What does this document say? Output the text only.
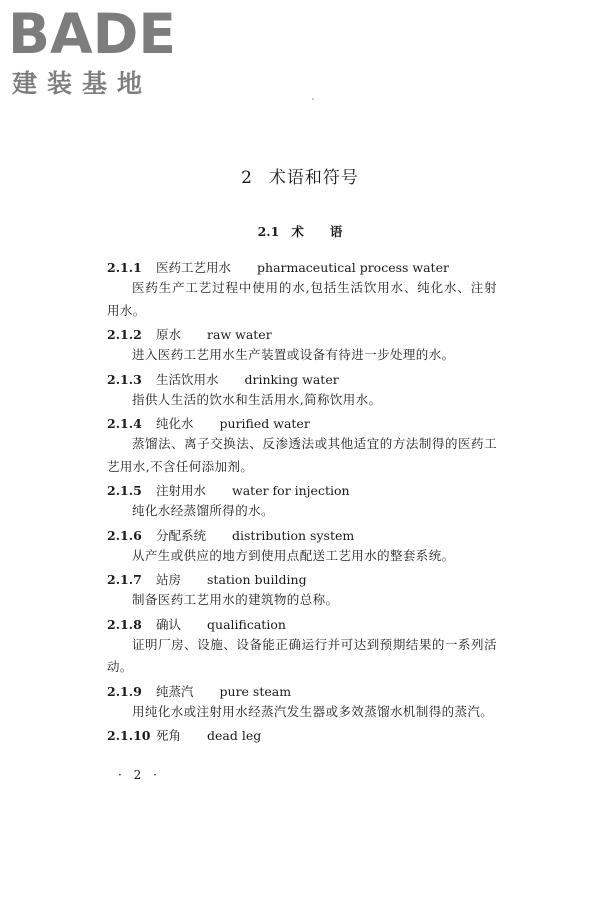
BADE
建装基地
2 术语和符号
2.1 术语
2.1.1 医药工艺用水 pharmaceutical process water
医药生产工艺过程中使用的水,包括生活饮用水、纯化水、注射用水。
2.1.2 原水 raw water
进入医药工艺用水生产装置或设备有待进一步处理的水。
2.1.3 生活饮用水 drinking water
指供人生活的饮水和生活用水,简称饮用水。
2.1.4 纯化水 purified water
蒸馏法、离子交换法、反渗透法或其他适宜的方法制得的医药工艺用水,不含任何添加剂。
2.1.5 注射用水 water for injection
纯化水经蒸馏所得的水。
2.1.6 分配系统 distribution system
从产生或供应的地方到使用点配送工艺用水的整套系统。
2.1.7 站房 station building
制备医药工艺用水的建筑物的总称。
2.1.8 确认 qualification
证明厂房、设施、设备能正确运行并可达到预期结果的一系列活动。
2.1.9 纯蒸汽 pure steam
用纯化水或注射用水经蒸汽发生器或多效蒸馏水机制得的蒸汽。
2.1.10 死角 dead leg
· 2 ·
